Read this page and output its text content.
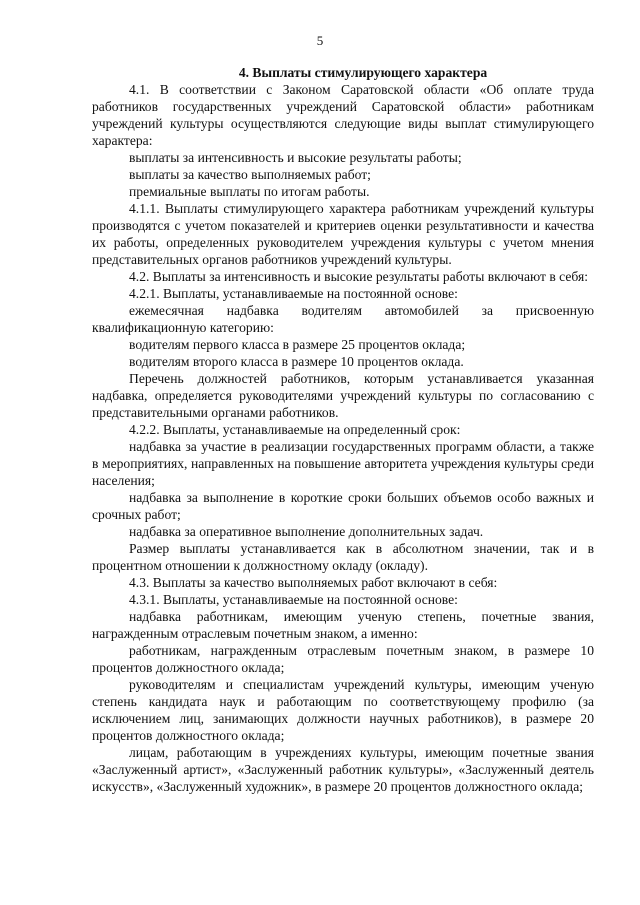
5
4. Выплаты стимулирующего характера

4.1. В соответствии с Законом Саратовской области «Об оплате труда работников государственных учреждений Саратовской области» работникам учреждений культуры осуществляются следующие виды выплат стимулирующего характера:

выплаты за интенсивность и высокие результаты работы;

выплаты за качество выполняемых работ;

премиальные выплаты по итогам работы.

4.1.1. Выплаты стимулирующего характера работникам учреждений культуры производятся с учетом показателей и критериев оценки результативности и качества их работы, определенных руководителем учреждения культуры с учетом мнения представительных органов работников учреждений культуры.

4.2. Выплаты за интенсивность и высокие результаты работы включают в себя:

4.2.1. Выплаты, устанавливаемые на постоянной основе:

ежемесячная надбавка водителям автомобилей за присвоенную квалификационную категорию:

водителям первого класса в размере 25 процентов оклада;

водителям второго класса в размере 10 процентов оклада.

Перечень должностей работников, которым устанавливается указанная надбавка, определяется руководителями учреждений культуры по согласованию с представительными органами работников.

4.2.2. Выплаты, устанавливаемые на определенный срок:

надбавка за участие в реализации государственных программ области, а также в мероприятиях, направленных на повышение авторитета учреждения культуры среди населения;

надбавка за выполнение в короткие сроки больших объемов особо важных и срочных работ;

надбавка за оперативное выполнение дополнительных задач.

Размер выплаты устанавливается как в абсолютном значении, так и в процентном отношении к должностному окладу (окладу).

4.3. Выплаты за качество выполняемых работ включают в себя:

4.3.1. Выплаты, устанавливаемые на постоянной основе:

надбавка работникам, имеющим ученую степень, почетные звания, награжденным отраслевым почетным знаком, а именно:

работникам, награжденным отраслевым почетным знаком, в размере 10 процентов должностного оклада;

руководителям и специалистам учреждений культуры, имеющим ученую степень кандидата наук и работающим по соответствующему профилю (за исключением лиц, занимающих должности научных работников), в размере 20 процентов должностного оклада;

лицам, работающим в учреждениях культуры, имеющим почетные звания «Заслуженный артист», «Заслуженный работник культуры», «Заслуженный деятель искусств», «Заслуженный художник», в размере 20 процентов должностного оклада;
